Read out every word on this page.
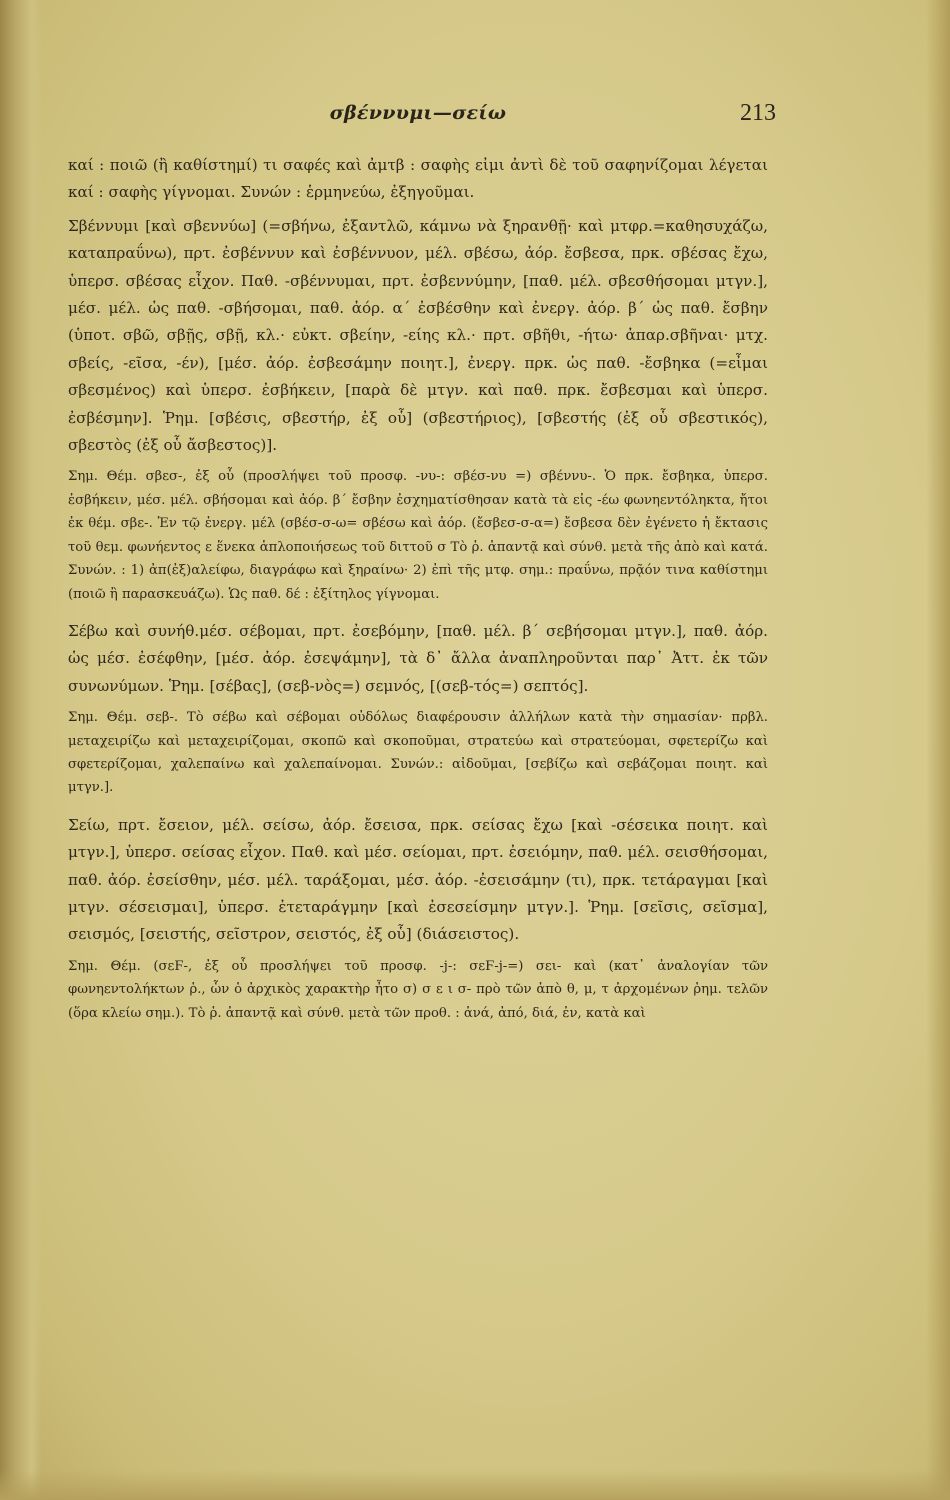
σβέννυμι—σείω	213

καί : ποιῶ (ἢ καθίστημί) τι σαφές καὶ ἀμτβ : σαφὴς εἰμι ἀντὶ δὲ τοῦ σαφηνίζομαι λέγεται καί : σαφὴς γίγνομαι. Συνών : ἑρμηνεύω, ἐξηγοῦμαι.

Σβέννυμι [καὶ σβεννύω] (=σβήνω, ἐξαντλῶ, κάμνω νὰ ξηρανθῇ· καὶ μτφρ.=καθησυχάζω, καταπραΰνω), πρτ. ἐσβέννυν καὶ ἐσβέννυον, μέλ. σβέσω, ἀόρ. ἔσβεσα, πρκ. σβέσας ἔχω, ὑπερσ. σβέσας εἶχον. Παθ. -σβέννυμαι, πρτ. ἐσβεννύμην, [παθ. μέλ. σβεσθήσομαι μτγν.], μέσ. μέλ. ὡς παθ. -σβήσομαι, παθ. ἀόρ. α΄ ἐσβέσθην καὶ ἐνεργ. ἀόρ. β΄ ὡς παθ. ἔσβην (ὑποτ. σβῶ, σβῇς, σβῇ, κλ.· εὐκτ. σβείην, -είης κλ.· πρτ. σβῆθι, -ήτω· ἀπαρ.σβῆναι· μτχ. σβείς, -εῖσα, -έν), [μέσ. ἀόρ. ἐσβεσάμην ποιητ.], ἐνεργ. πρκ. ὡς παθ. -ἔσβηκα (=εἶμαι σβεσμένος) καὶ ὑπερσ. ἐσβήκειν, [παρὰ δὲ μτγν. καὶ παθ. πρκ. ἔσβεσμαι καὶ ὑπερσ. ἐσβέσμην]. Ῥημ. [σβέσις, σβεστήρ, ἐξ οὗ] (σβεστήριος), [σβεστής (ἐξ οὗ σβεστικός), σβεστὸς (ἐξ οὗ ἄσβεστος)].

Σημ. Θέμ. σβεσ-, ἐξ οὗ (προσλήψει τοῦ προσφ. -νυ-: σβέσ-νυ =) σβέννυ-. Ὁ πρκ. ἔσβηκα, ὑπερσ. ἐσβήκειν, μέσ. μέλ. σβήσομαι καὶ ἀόρ. β΄ ἔσβην ἐσχηματίσθησαν κατὰ τὰ εἰς -έω φωνηεντόληκτα, ἤτοι ἐκ θέμ. σβε-. Ἐν τῷ ἐνεργ. μέλ (σβέσ-σ-ω= σβέσω καὶ ἀόρ. (ἔσβεσ-σ-α=) ἔσβεσα δὲν ἐγένετο ἡ ἔκτασις τοῦ θεμ. φωνήεντος ε ἕνεκα ἁπλοποιήσεως τοῦ διττοῦ σ Τὸ ῥ. ἀπαντᾷ καὶ σύνθ. μετὰ τῆς ἀπὸ καὶ κατά. Συνών. : 1) ἀπ(ἐξ)αλείφω, διαγράφω καὶ ξηραίνω· 2) ἐπὶ τῆς μτφ. σημ.: πραΰνω, πρᾷόν τινα καθίστημι (ποιῶ ἢ παρασκευάζω). Ὡς παθ. δέ : ἐξίτηλος γίγνομαι.

Σέβω καὶ συνήθ.μέσ. σέβομαι, πρτ. ἐσεβόμην, [παθ. μέλ. β΄ σεβήσομαι μτγν.], παθ. ἀόρ. ὡς μέσ. ἐσέφθην, [μέσ. ἀόρ. ἐσεψάμην], τὰ δ᾽ ἄλλα ἀναπληροῦνται παρ᾽ Ἀττ. ἐκ τῶν συνωνύμων. Ῥημ. [σέβας], (σεβ-νὸς=) σεμνός, [(σεβ-τός=) σεπτός].

Σημ. Θέμ. σεβ-. Τὸ σέβω καὶ σέβομαι οὐδόλως διαφέρουσιν ἀλλήλων κατὰ τὴν σημασίαν· πρβλ. μεταχειρίζω καὶ μεταχειρίζομαι, σκοπῶ καὶ σκοποῦμαι, στρατεύω καὶ στρατεύομαι, σφετερίζω καὶ σφετερίζομαι, χαλεπαίνω καὶ χαλεπαίνομαι. Συνών.: αἰδοῦμαι, [σεβίζω καὶ σεβάζομαι ποιητ. καὶ μτγν.].

Σείω, πρτ. ἔσειον, μέλ. σείσω, ἀόρ. ἔσεισα, πρκ. σείσας ἔχω [καὶ -σέσεικα ποιητ. καὶ μτγν.], ὑπερσ. σείσας εἶχον. Παθ. καὶ μέσ. σείομαι, πρτ. ἐσειόμην, παθ. μέλ. σεισθήσομαι, παθ. ἀόρ. ἐσείσθην, μέσ. μέλ. ταράξομαι, μέσ. ἀόρ. -ἐσεισάμην (τι), πρκ. τετάραγμαι [καὶ μτγν. σέσεισμαι], ὑπερσ. ἐτεταράγμην [καὶ ἐσεσείσμην μτγν.]. Ῥημ. [σεῖσις, σεῖσμα], σεισμός, [σειστής, σεῖστρον, σειστός, ἐξ οὗ] (διάσειστος).

Σημ. Θέμ. (σεϜ-, ἐξ οὗ προσλήψει τοῦ προσφ. -j-: σεϜ-j-=) σει- καὶ (κατ᾽ ἀναλογίαν τῶν φωνηεντολήκτων ῥ., ὧν ὁ ἀρχικὸς χαρακτὴρ ἦτο σ) σ ε ι σ- πρὸ τῶν ἀπὸ θ, μ, τ ἀρχομένων ῥημ. τελῶν (ὅρα κλείω σημ.). Τὸ ῥ. ἀπαντᾷ καὶ σύνθ. μετὰ τῶν προθ. : ἀνά, ἀπό, διά, ἐν, κατὰ καὶ
